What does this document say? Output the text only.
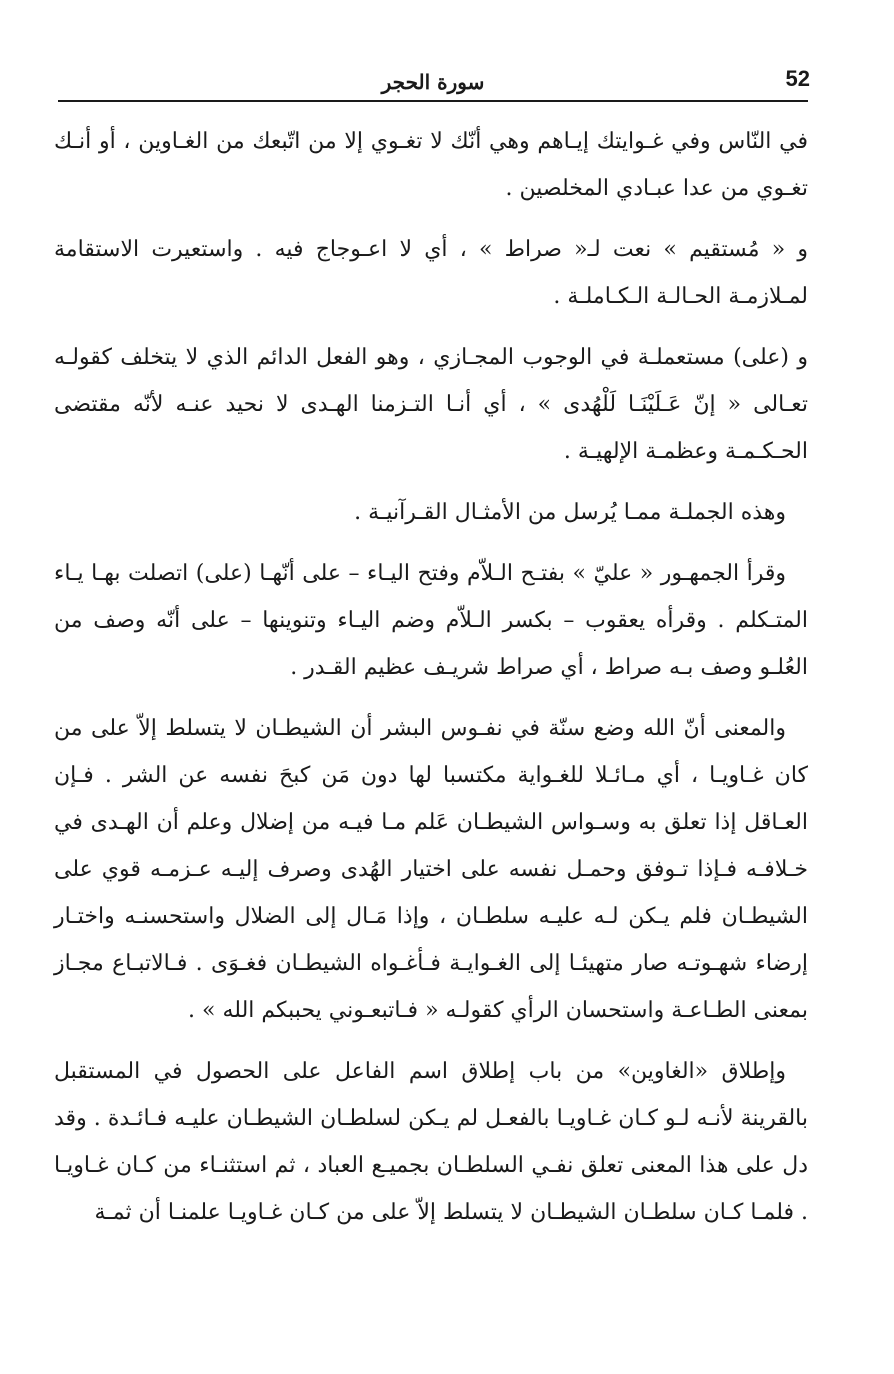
52
سورة الحجر

في النّاس وفي غـوايتك إيـاهم وهي أنّك لا تغـوي إلا من اتّبعك من الغـاوين ، أو أنـك تغـوي من عدا عبـادي المخلصين .

و « مُستقيم » نعت لـ« صراط » ، أي لا اعـوجاج فيه . واستعيرت الاستقامة لمـلازمـة الحـالـة الـكـاملـة .

و (على) مستعملـة في الوجوب المجـازي ، وهو الفعل الدائم الذي لا يتخلف كقولـه تعـالى « إنّ عَـلَيْنَـا لَلْهُدى » ، أي أنـا التـزمنا الهـدى لا نحيد عنـه لأنّه مقتضى الحـكـمـة وعظمـة الإلهيـة .

وهذه الجملـة ممـا يُرسل من الأمثـال القـرآنيـة .

وقرأ الجمهـور « عليّ » بفتـح الـلاّم وفتح اليـاء – على أنّهـا (على) اتصلت بهـا يـاء المتـكلم . وقرأه يعقوب – بكسر الـلاّم وضم اليـاء وتنوينها – على أنّه وصف من العُلـو وصف بـه صراط ، أي صراط شريـف عظيم القـدر .

والمعنى أنّ الله وضع سنّة في نفـوس البشر أن الشيطـان لا يتسلط إلاّ على من كان غـاويـا ، أي مـائـلا للغـواية مكتسبا لها دون مَن كبحَ نفسه عن الشر . فـإن العـاقل إذا تعلق به وسـواس الشيطـان عَلم مـا فيـه من إضلال وعلم أن الهـدى في خـلافـه فـإذا تـوفق وحمـل نفسه على اختيار الهُدى وصرف إليـه عـزمـه قوي على الشيطـان فلم يـكن لـه عليـه سلطـان ، وإذا مَـال إلى الضلال واستحسنـه واختـار إرضاء شهـوتـه صار متهيئـا إلى الغـوايـة فـأغـواه الشيطـان فغـوَى . فـالاتبـاع مجـاز بمعنى الطـاعـة واستحسان الرأي كقولـه « فـاتبعـوني يحببكم الله » .

وإطلاق «الغاوين» من باب إطلاق اسم الفاعل على الحصول في المستقبل بالقرينة لأنـه لـو كـان غـاويـا بالفعـل لم يـكن لسلطـان الشيطـان عليـه فـائـدة . وقد دل على هذا المعنى تعلق نفـي السلطـان بجميـع العباد ، ثم استثنـاء من كـان غـاويـا . فلمـا كـان سلطـان الشيطـان لا يتسلط إلاّ على من كـان غـاويـا علمنـا أن ثمـة
